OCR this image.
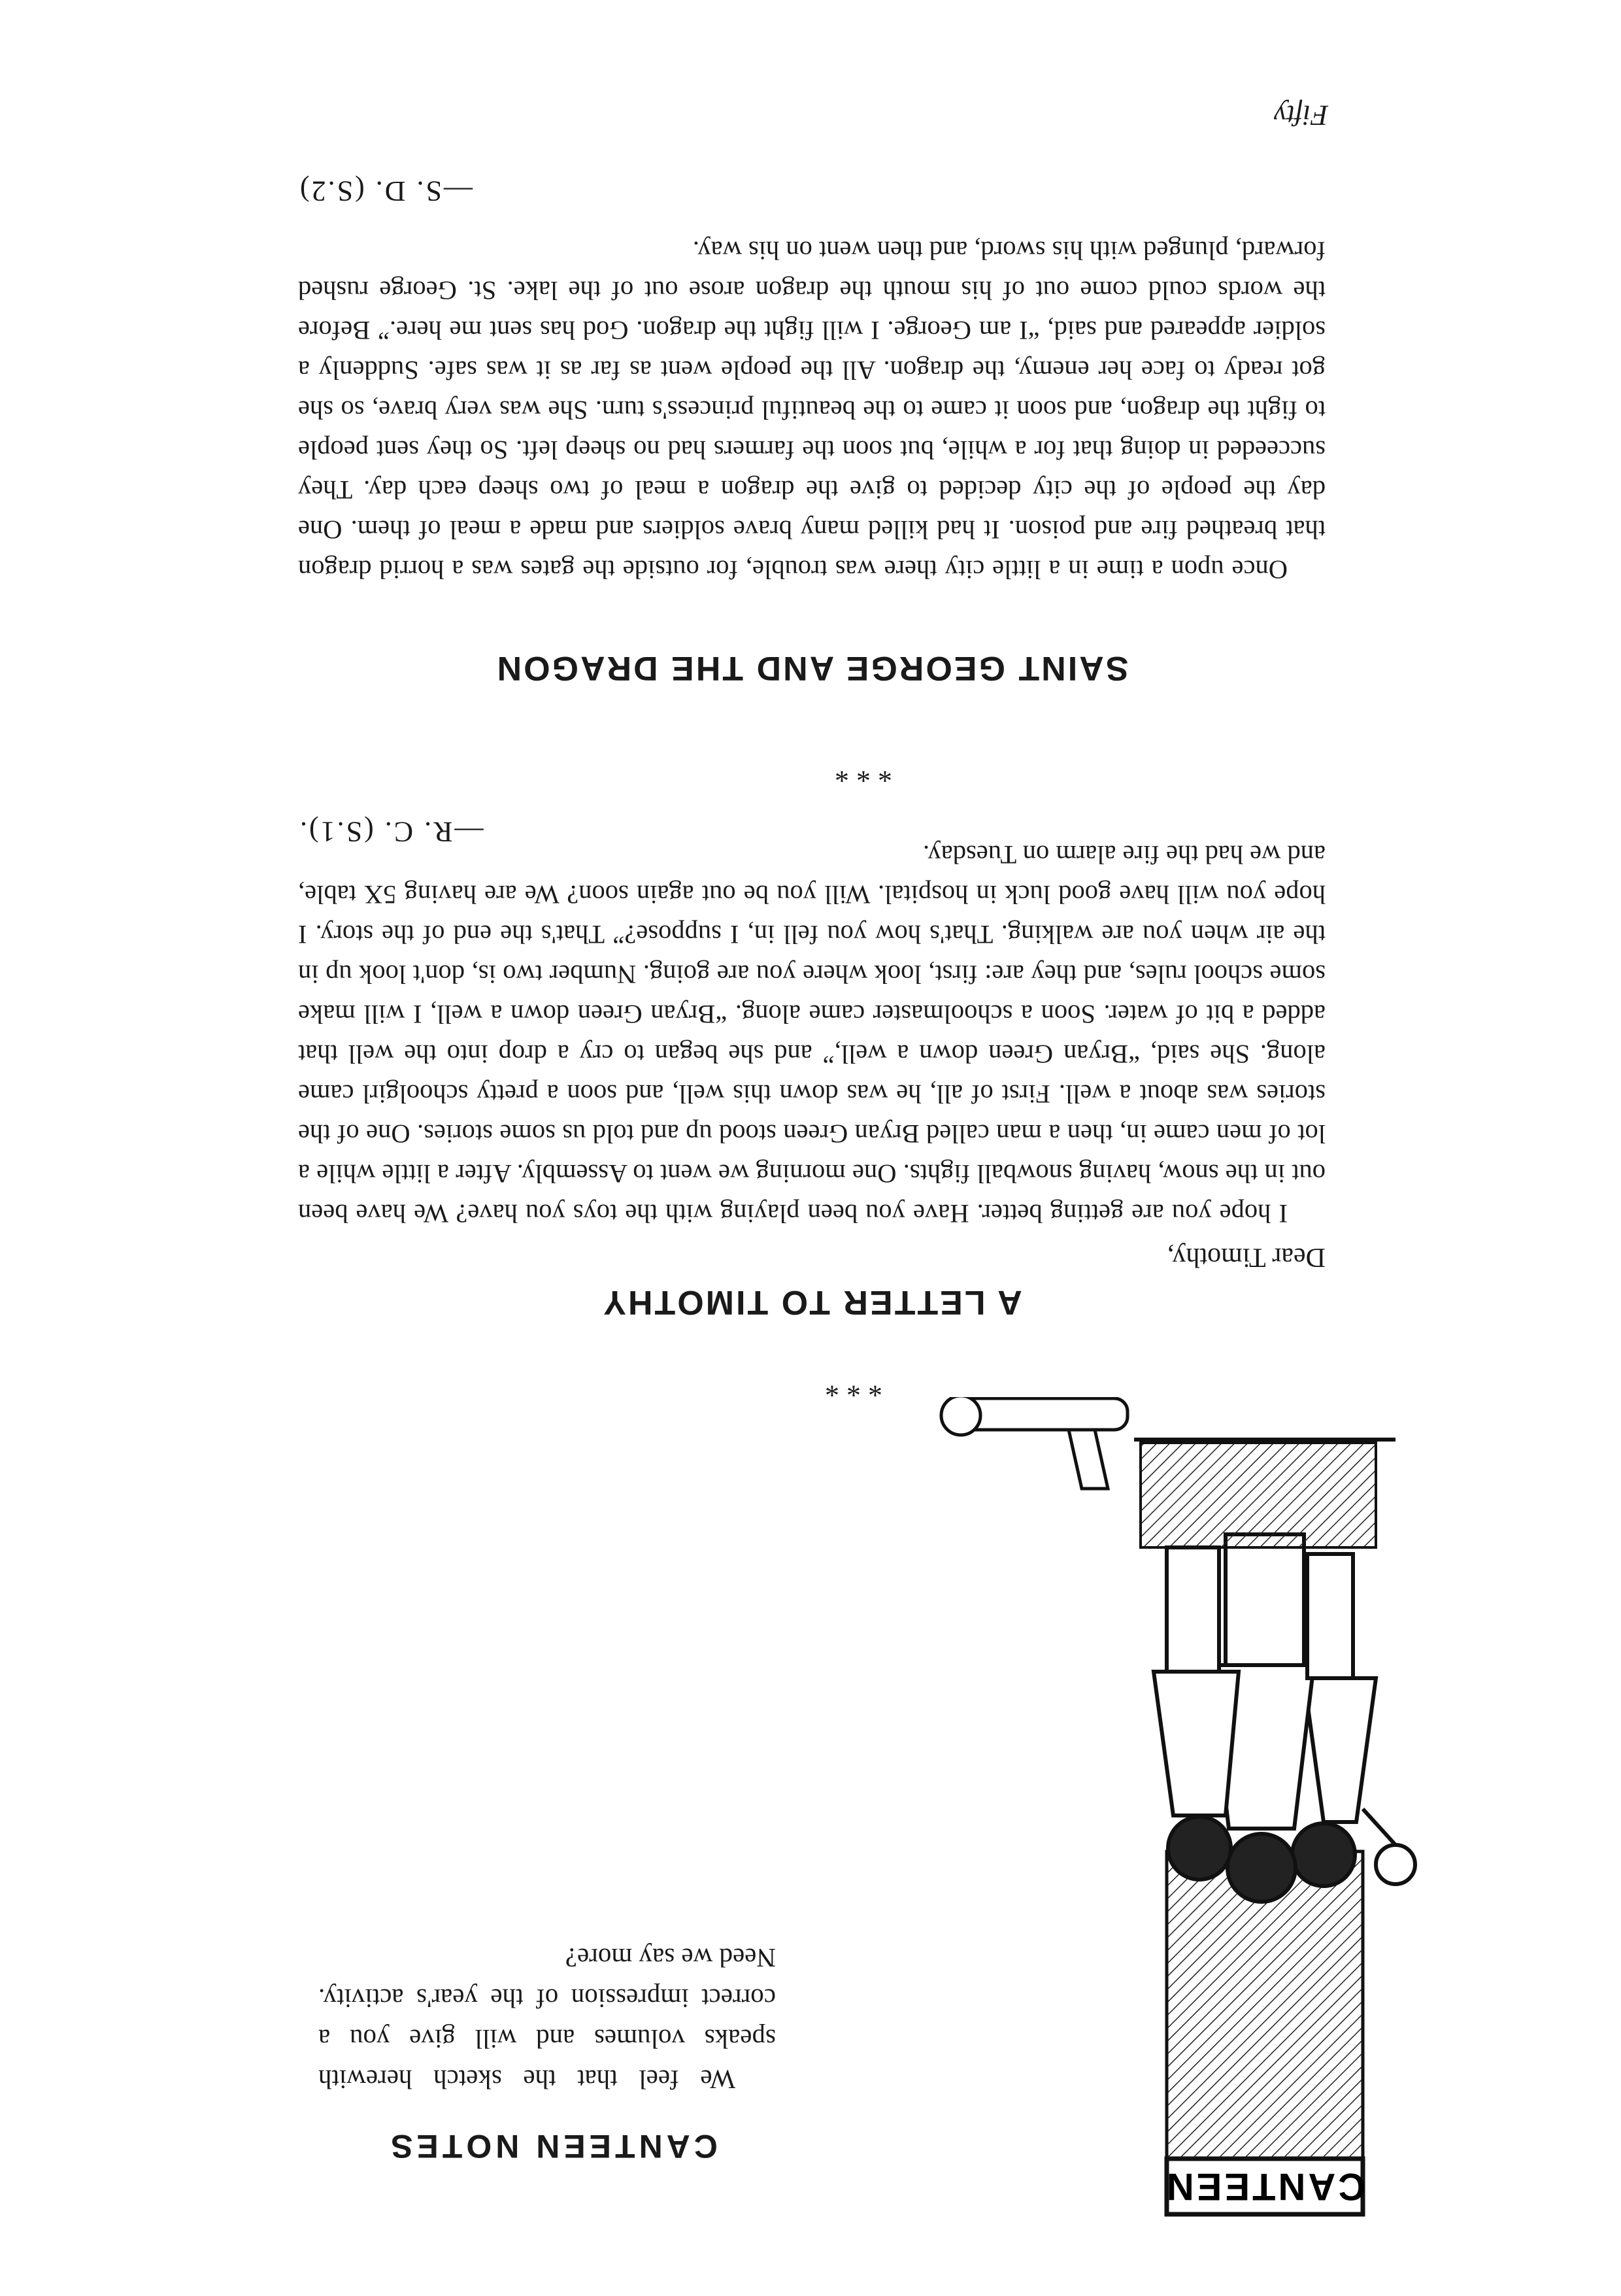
CANTEEN
CANTEEN NOTES

We feel that the sketch herewith speaks volumes and will give you a correct impression of the year's activity. Need we say more?

* * *
A LETTER TO TIMOTHY
Dear Timothy,

I hope you are getting better. Have you been playing with the toys you have? We have been out in the snow, having snowball fights. One morning we went to Assembly. After a little while a lot of men came in, then a man called Bryan Green stood up and told us some stories. One of the stories was about a well. First of all, he was down this well, and soon a pretty schoolgirl came along. She said, “Bryan Green down a well,” and she began to cry a drop into the well that added a bit of water. Soon a schoolmaster came along. “Bryan Green down a well, I will make some school rules, and they are: first, look where you are going. Number two is, don't look up in the air when you are walking. That's how you fell in, I suppose?” That's the end of the story. I hope you will have good luck in hospital. Will you be out again soon? We are having 5X table, and we had the fire alarm on Tuesday.

—R. C. (S.1).
* * *
SAINT GEORGE AND THE DRAGON

Once upon a time in a little city there was trouble, for outside the gates was a horrid dragon that breathed fire and poison. It had killed many brave soldiers and made a meal of them. One day the people of the city decided to give the dragon a meal of two sheep each day. They succeeded in doing that for a while, but soon the farmers had no sheep left. So they sent people to fight the dragon, and soon it came to the beautiful princess's turn. She was very brave, so she got ready to face her enemy, the dragon. All the people went as far as it was safe. Suddenly a soldier appeared and said, “I am George. I will fight the dragon. God has sent me here.” Before the words could come out of his mouth the dragon arose out of the lake. St. George rushed forward, plunged with his sword, and then went on his way.

—S. D. (S.2)
Fifty
